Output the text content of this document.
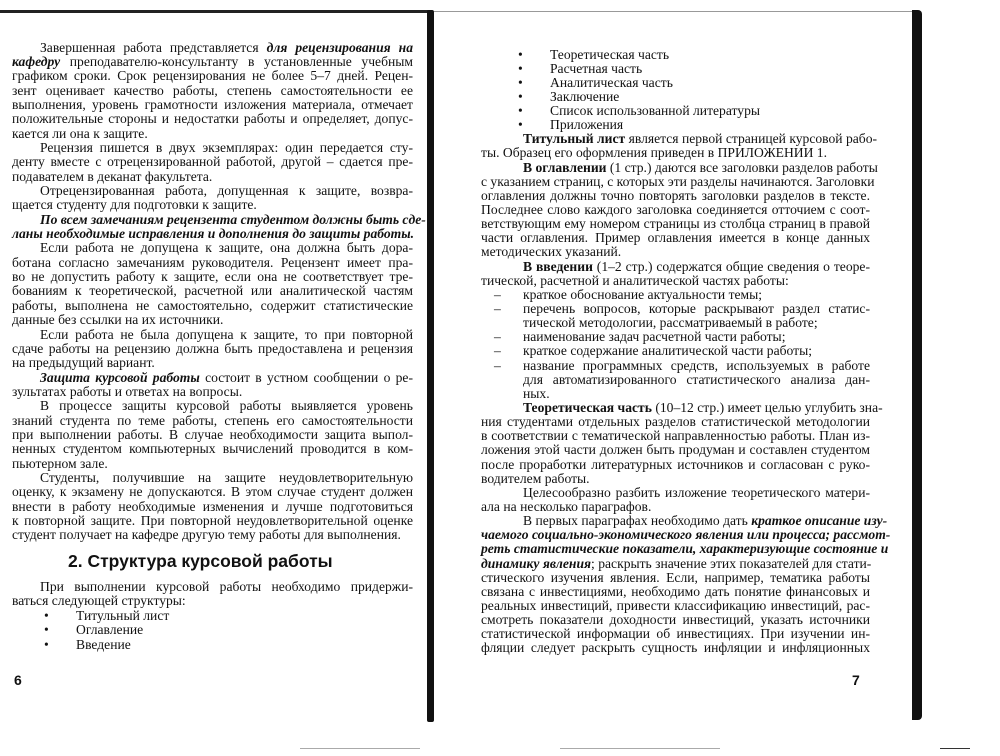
2. Структура курсовой работы
6
Завершенная работа представляется для рецензирования на
кафедру преподавателю-консультанту в установленные учебным
графиком сроки. Срок рецензирования не более 5–7 дней. Рецен-
зент оценивает качество работы, степень самостоятельности ее
выполнения, уровень грамотности изложения материала, отмечает
положительные стороны и недостатки работы и определяет, допус-
кается ли она к защите.
Рецензия пишется в двух экземплярах: один передается сту-
денту вместе с отрецензированной работой, другой – сдается пре-
подавателем в деканат факультета.
Отрецензированная работа, допущенная к защите, возвра-
щается студенту для подготовки к защите.
По всем замечаниям рецензента студентом должны быть сде-
ланы необходимые исправления и дополнения до защиты работы.
Если работа не допущена к защите, она должна быть дора-
ботана согласно замечаниям руководителя. Рецензент имеет пра-
во не допустить работу к защите, если она не соответствует тре-
бованиям к теоретической, расчетной или аналитической частям
работы, выполнена не самостоятельно, содержит статистические
данные без ссылки на их источники.
Если работа не была допущена к защите, то при повторной
сдаче работы на рецензию должна быть предоставлена и рецензия
на предыдущий вариант.
Защита курсовой работы состоит в устном сообщении о ре-
зультатах работы и ответах на вопросы.
В процессе защиты курсовой работы выявляется уровень
знаний студента по теме работы, степень его самостоятельности
при выполнении работы. В случае необходимости защита выпол-
ненных студентом компьютерных вычислений проводится в ком-
пьютерном зале.
Студенты, получившие на защите неудовлетворительную
оценку, к экзамену не допускаются. В этом случае студент должен
внести в работу необходимые изменения и лучше подготовиться
к повторной защите. При повторной неудовлетворительной оценке
студент получает на кафедре другую тему работы для выполнения.
При выполнении курсовой работы необходимо придержи-
ваться следующей структуры:
• Титульный лист
• Оглавление
• Введение
7
• Теоретическая часть
• Расчетная часть
• Аналитическая часть
• Заключение
• Список использованной литературы
• Приложения
Титульный лист является первой страницей курсовой рабо-
ты. Образец его оформления приведен в ПРИЛОЖЕНИИ 1.
В оглавлении (1 стр.) даются все заголовки разделов работы
с указанием страниц, с которых эти разделы начинаются. Заголовки
оглавления должны точно повторять заголовки разделов в тексте.
Последнее слово каждого заголовка соединяется отточием с соот-
ветствующим ему номером страницы из столбца страниц в правой
части оглавления. Пример оглавления имеется в конце данных
методических указаний.
В введении (1–2 стр.) содержатся общие сведения о теоре-
тической, расчетной и аналитической частях работы:
– краткое обоснование актуальности темы;
– перечень вопросов, которые раскрывают раздел статис-
тической методологии, рассматриваемый в работе;
– наименование задач расчетной части работы;
– краткое содержание аналитической части работы;
– название программных средств, используемых в работе
для автоматизированного статистического анализа дан-
ных.
Теоретическая часть (10–12 стр.) имеет целью углубить зна-
ния студентами отдельных разделов статистической методологии
в соответствии с тематической направленностью работы. План из-
ложения этой части должен быть продуман и составлен студентом
после проработки литературных источников и согласован с руко-
водителем работы.
Целесообразно разбить изложение теоретического матери-
ала на несколько параграфов.
В первых параграфах необходимо дать краткое описание изу-
чаемого социально-экономического явления или процесса; рассмот-
реть статистические показатели, характеризующие состояние и
динамику явления; раскрыть значение этих показателей для стати-
стического изучения явления. Если, например, тематика работы
связана с инвестициями, необходимо дать понятие финансовых и
реальных инвестиций, привести классификацию инвестиций, рас-
смотреть показатели доходности инвестиций, указать источники
статистической информации об инвестициях. При изучении ин-
фляции следует раскрыть сущность инфляции и инфляционных
